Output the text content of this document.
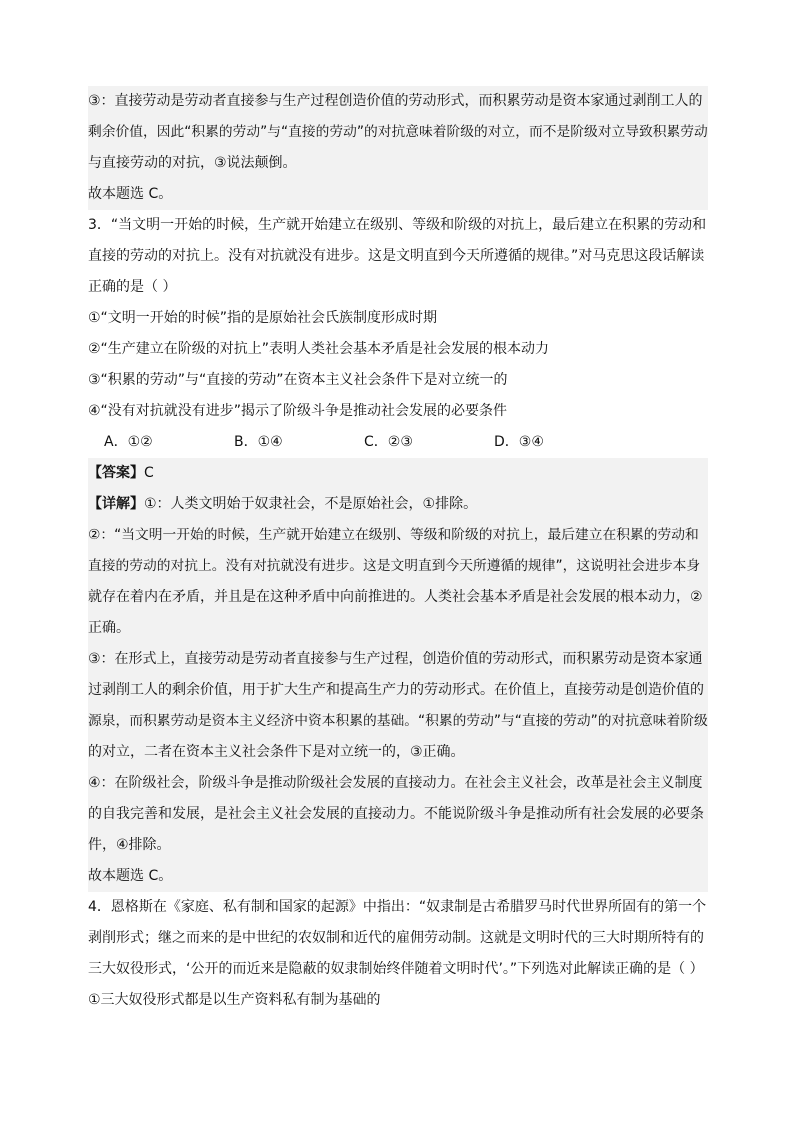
③：直接劳动是劳动者直接参与生产过程创造价值的劳动形式，而积累劳动是资本家通过剥削工人的
剩余价值，因此“积累的劳动”与“直接的劳动”的对抗意味着阶级的对立，而不是阶级对立导致积累劳动
与直接劳动的对抗，③说法颠倒。
故本题选 C。
3．“当文明一开始的时候，生产就开始建立在级别、等级和阶级的对抗上，最后建立在积累的劳动和
直接的劳动的对抗上。没有对抗就没有进步。这是文明直到今天所遵循的规律。”对马克思这段话解读
正确的是（ ）
①“文明一开始的时候”指的是原始社会氏族制度形成时期
②“生产建立在阶级的对抗上”表明人类社会基本矛盾是社会发展的根本动力
③“积累的劳动”与“直接的劳动”在资本主义社会条件下是对立统一的
④“没有对抗就没有进步”揭示了阶级斗争是推动社会发展的必要条件
A．①②	B．①④	C．②③	D．③④
【答案】C
【详解】①：人类文明始于奴隶社会，不是原始社会，①排除。
②：“当文明一开始的时候，生产就开始建立在级别、等级和阶级的对抗上，最后建立在积累的劳动和
直接的劳动的对抗上。没有对抗就没有进步。这是文明直到今天所遵循的规律”，这说明社会进步本身
就存在着内在矛盾，并且是在这种矛盾中向前推进的。人类社会基本矛盾是社会发展的根本动力，②
正确。
③：在形式上，直接劳动是劳动者直接参与生产过程，创造价值的劳动形式，而积累劳动是资本家通
过剥削工人的剩余价值，用于扩大生产和提高生产力的劳动形式。在价值上，直接劳动是创造价值的
源泉，而积累劳动是资本主义经济中资本积累的基础。“积累的劳动”与“直接的劳动”的对抗意味着阶级
的对立，二者在资本主义社会条件下是对立统一的，③正确。
④：在阶级社会，阶级斗争是推动阶级社会发展的直接动力。在社会主义社会，改革是社会主义制度
的自我完善和发展，是社会主义社会发展的直接动力。不能说阶级斗争是推动所有社会发展的必要条
件，④排除。
故本题选 C。
4．恩格斯在《家庭、私有制和国家的起源》中指出：“奴隶制是古希腊罗马时代世界所固有的第一个
剥削形式；继之而来的是中世纪的农奴制和近代的雇佣劳动制。这就是文明时代的三大时期所特有的
三大奴役形式，‘公开的而近来是隐蔽的奴隶制始终伴随着文明时代’。”下列选对此解读正确的是（ ）
①三大奴役形式都是以生产资料私有制为基础的
